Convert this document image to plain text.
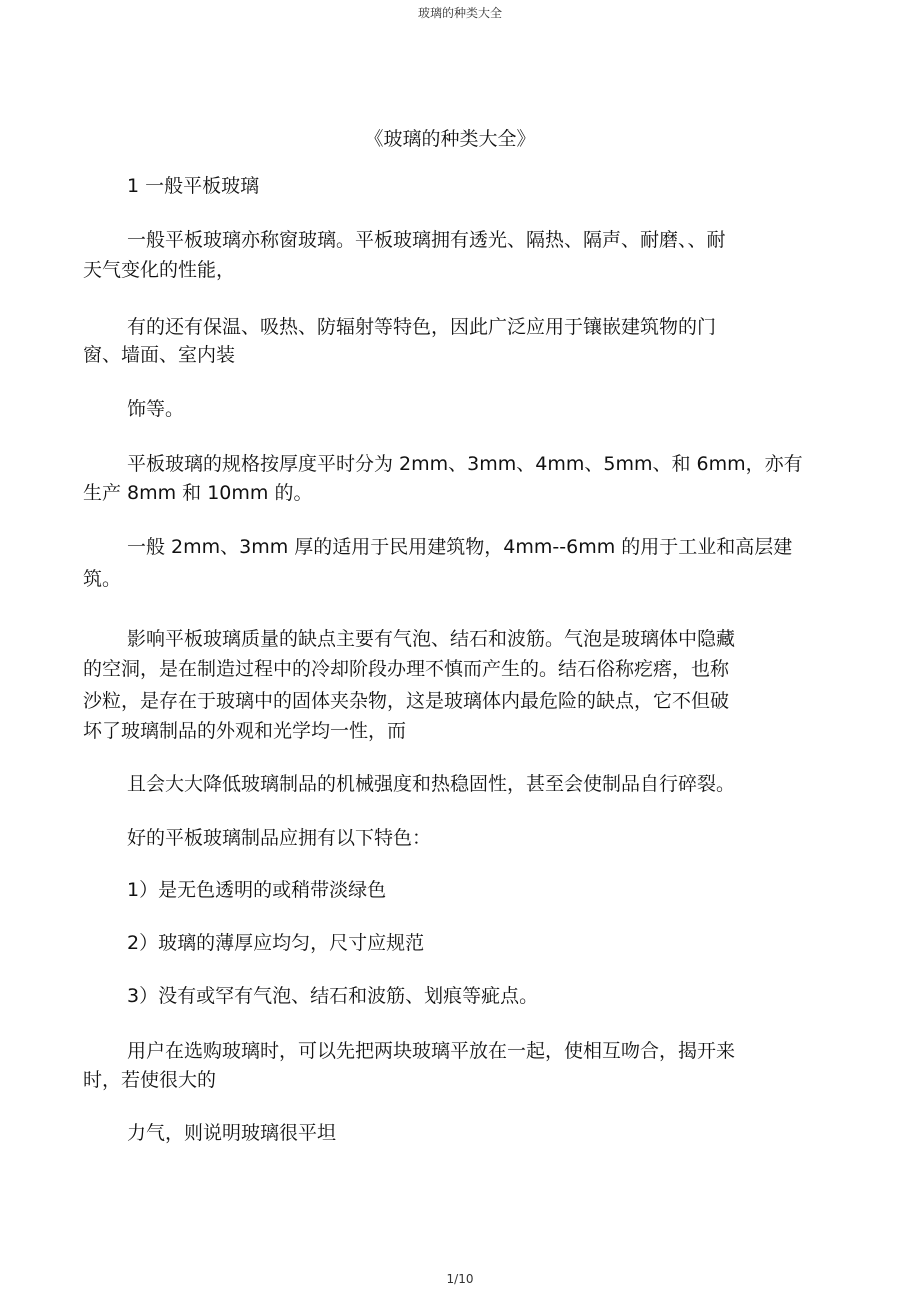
玻璃的种类大全
《玻璃的种类大全》
1 一般平板玻璃
一般平板玻璃亦称窗玻璃。平板玻璃拥有透光、隔热、隔声、耐磨、、耐
天气变化的性能，
有的还有保温、吸热、防辐射等特色，因此广泛应用于镶嵌建筑物的门
窗、墙面、室内装
饰等。
平板玻璃的规格按厚度平时分为 2mm、3mm、4mm、5mm、和 6mm，亦有
生产 8mm 和 10mm 的。
一般 2mm、3mm 厚的适用于民用建筑物，4mm--6mm 的用于工业和高层建
筑。
影响平板玻璃质量的缺点主要有气泡、结石和波筋。气泡是玻璃体中隐藏
的空洞，是在制造过程中的冷却阶段办理不慎而产生的。结石俗称疙瘩，也称
沙粒，是存在于玻璃中的固体夹杂物，这是玻璃体内最危险的缺点，它不但破
坏了玻璃制品的外观和光学均一性，而
且会大大降低玻璃制品的机械强度和热稳固性，甚至会使制品自行碎裂。
好的平板玻璃制品应拥有以下特色：
1）是无色透明的或稍带淡绿色
2）玻璃的薄厚应均匀，尺寸应规范
3）没有或罕有气泡、结石和波筋、划痕等疵点。
用户在选购玻璃时，可以先把两块玻璃平放在一起，使相互吻合，揭开来
时，若使很大的
力气，则说明玻璃很平坦
1/10
